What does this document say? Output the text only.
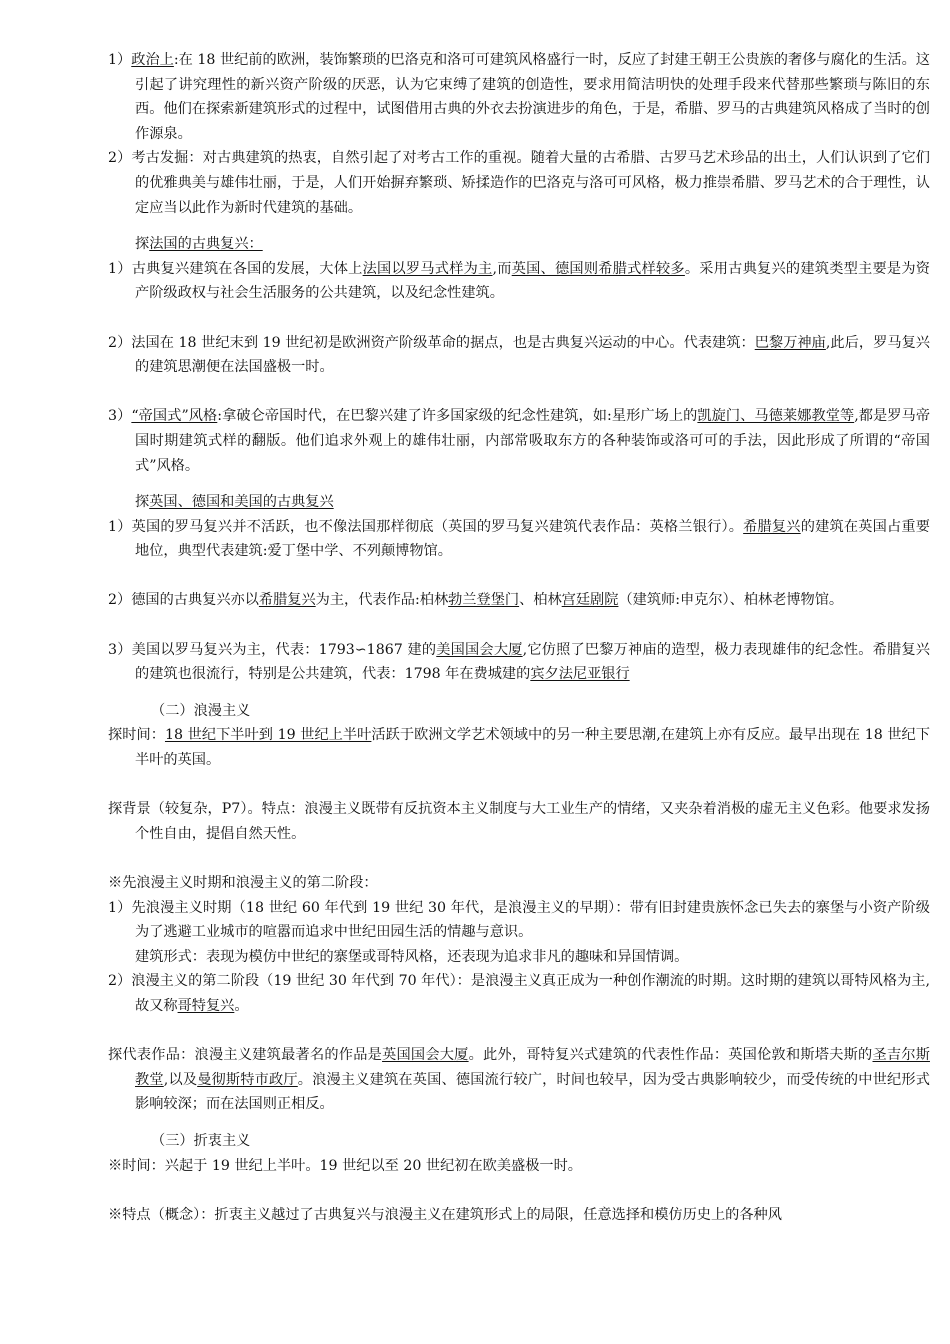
1）政治上:在 18 世纪前的欧洲，装饰繁琐的巴洛克和洛可可建筑风格盛行一时，反应了封建王朝王公贵族的奢侈与腐化的生活。这引起了讲究理性的新兴资产阶级的厌恶，认为它束缚了建筑的创造性，要求用简洁明快的处理手段来代替那些繁琐与陈旧的东西。他们在探索新建筑形式的过程中，试图借用古典的外衣去扮演进步的角色，于是，希腊、罗马的古典建筑风格成了当时的创作源泉。

2）考古发掘：对古典建筑的热衷，自然引起了对考古工作的重视。随着大量的古希腊、古罗马艺术珍品的出土，人们认识到了它们的优雅典美与雄伟壮丽，于是，人们开始摒弃繁琐、矫揉造作的巴洛克与洛可可风格，极力推崇希腊、罗马艺术的合于理性，认定应当以此作为新时代建筑的基础。

探法国的古典复兴：

1）古典复兴建筑在各国的发展，大体上法国以罗马式样为主,而英国、德国则希腊式样较多。采用古典复兴的建筑类型主要是为资产阶级政权与社会生活服务的公共建筑，以及纪念性建筑。

2）法国在 18 世纪末到 19 世纪初是欧洲资产阶级革命的据点，也是古典复兴运动的中心。代表建筑：巴黎万神庙,此后，罗马复兴的建筑思潮便在法国盛极一时。

3）“帝国式”风格:拿破仑帝国时代，在巴黎兴建了许多国家级的纪念性建筑，如:星形广场上的凯旋门、马德莱娜教堂等,都是罗马帝国时期建筑式样的翻版。他们追求外观上的雄伟壮丽，内部常吸取东方的各种装饰或洛可可的手法，因此形成了所谓的“帝国式”风格。

探英国、德国和美国的古典复兴

1）英国的罗马复兴并不活跃，也不像法国那样彻底（英国的罗马复兴建筑代表作品：英格兰银行）。希腊复兴的建筑在英国占重要地位，典型代表建筑:爱丁堡中学、不列颠博物馆。

2）德国的古典复兴亦以希腊复兴为主，代表作品:柏林勃兰登堡门、柏林宫廷剧院（建筑师:申克尔）、柏林老博物馆。

3）美国以罗马复兴为主，代表：1793∽1867 建的美国国会大厦,它仿照了巴黎万神庙的造型，极力表现雄伟的纪念性。希腊复兴的建筑也很流行，特别是公共建筑，代表：1798 年在费城建的宾夕法尼亚银行

（二）浪漫主义

探时间：18 世纪下半叶到 19 世纪上半叶活跃于欧洲文学艺术领域中的另一种主要思潮,在建筑上亦有反应。最早出现在 18 世纪下半叶的英国。

探背景（较复杂，P7）。特点：浪漫主义既带有反抗资本主义制度与大工业生产的情绪，又夹杂着消极的虚无主义色彩。他要求发扬个性自由，提倡自然天性。

※先浪漫主义时期和浪漫主义的第二阶段：

1）先浪漫主义时期（18 世纪 60 年代到 19 世纪 30 年代，是浪漫主义的早期）：带有旧封建贵族怀念已失去的寨堡与小资产阶级为了逃避工业城市的喧嚣而追求中世纪田园生活的情趣与意识。

建筑形式：表现为模仿中世纪的寨堡或哥特风格，还表现为追求非凡的趣味和异国情调。

2）浪漫主义的第二阶段（19 世纪 30 年代到 70 年代）：是浪漫主义真正成为一种创作潮流的时期。这时期的建筑以哥特风格为主,故又称哥特复兴。

探代表作品：浪漫主义建筑最著名的作品是英国国会大厦。此外，哥特复兴式建筑的代表性作品：英国伦敦和斯塔夫斯的圣吉尔斯教堂,以及曼彻斯特市政厅。浪漫主义建筑在英国、德国流行较广，时间也较早，因为受古典影响较少，而受传统的中世纪形式影响较深；而在法国则正相反。

（三）折衷主义

※时间：兴起于 19 世纪上半叶。19 世纪以至 20 世纪初在欧美盛极一时。

※特点（概念）：折衷主义越过了古典复兴与浪漫主义在建筑形式上的局限，任意选择和模仿历史上的各种风
